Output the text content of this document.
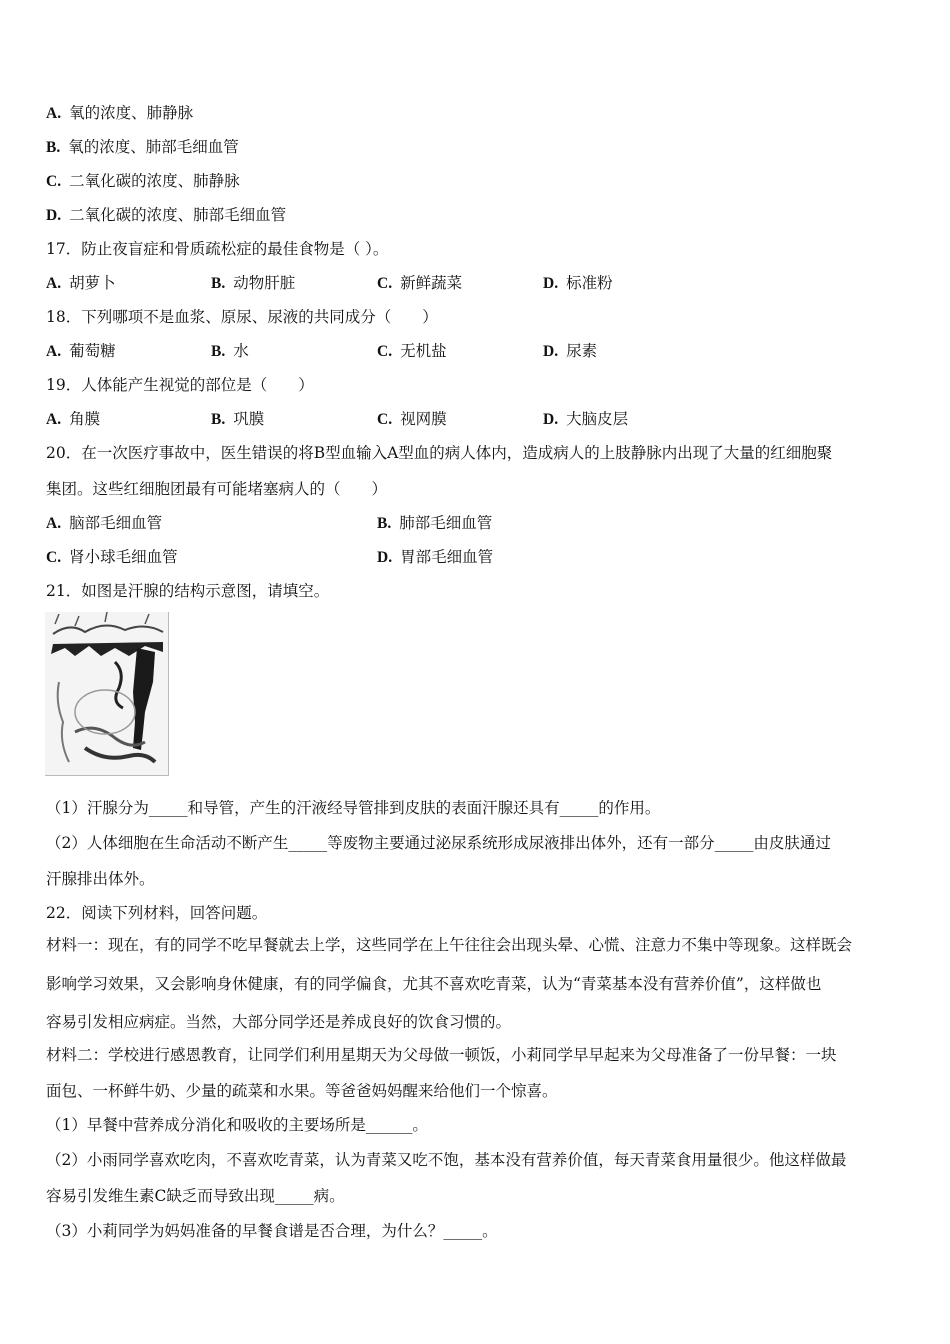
A. 氧的浓度、肺静脉
B. 氧的浓度、肺部毛细血管
C. 二氧化碳的浓度、肺静脉
D. 二氧化碳的浓度、肺部毛细血管
17．防止夜盲症和骨质疏松症的最佳食物是（ ）。
A. 胡萝卜	B. 动物肝脏	C. 新鲜蔬菜	D. 标准粉
18．下列哪项不是血浆、原尿、尿液的共同成分（　　）
A. 葡萄糖	B. 水	C. 无机盐	D. 尿素
19．人体能产生视觉的部位是（　　）
A. 角膜	B. 巩膜	C. 视网膜	D. 大脑皮层
20．在一次医疗事故中，医生错误的将B型血输入A型血的病人体内，造成病人的上肢静脉内出现了大量的红细胞聚
集团。这些红细胞团最有可能堵塞病人的（　　）
A. 脑部毛细血管	B. 肺部毛细血管
C. 肾小球毛细血管	D. 胃部毛细血管
21．如图是汗腺的结构示意图，请填空。
（1）汗腺分为_____和导管，产生的汗液经导管排到皮肤的表面汗腺还具有_____的作用。
（2）人体细胞在生命活动不断产生_____等废物主要通过泌尿系统形成尿液排出体外，还有一部分_____由皮肤通过
汗腺排出体外。
22．阅读下列材料，回答问题。
材料一：现在，有的同学不吃早餐就去上学，这些同学在上午往往会出现头晕、心慌、注意力不集中等现象。这样既会
影响学习效果，又会影响身休健康，有的同学偏食，尤其不喜欢吃青菜，认为“青菜基本没有营养价值”，这样做也
容易引发相应病症。当然，大部分同学还是养成良好的饮食习惯的。
材料二：学校进行感恩教育，让同学们利用星期天为父母做一顿饭，小莉同学早早起来为父母准备了一份早餐：一块
面包、一杯鲜牛奶、少量的疏菜和水果。等爸爸妈妈醒来给他们一个惊喜。
（1）早餐中营养成分消化和吸收的主要场所是______。
（2）小雨同学喜欢吃肉，不喜欢吃青菜，认为青菜又吃不饱，基本没有营养价值，每天青菜食用量很少。他这样做最
容易引发维生素C缺乏而导致出现_____病。
（3）小莉同学为妈妈准备的早餐食谱是否合理，为什么？_____。
